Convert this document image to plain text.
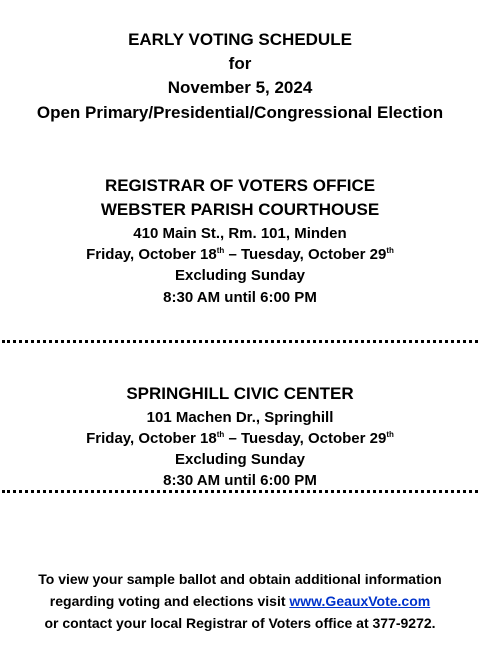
EARLY VOTING SCHEDULE
for
November 5, 2024
Open Primary/Presidential/Congressional Election
REGISTRAR OF VOTERS OFFICE
WEBSTER PARISH COURTHOUSE
410 Main St., Rm. 101, Minden
Friday, October 18th – Tuesday, October 29th
Excluding Sunday
8:30 AM until 6:00 PM
SPRINGHILL CIVIC CENTER
101 Machen Dr., Springhill
Friday, October 18th – Tuesday, October 29th
Excluding Sunday
8:30 AM until 6:00 PM
To view your sample ballot and obtain additional information
regarding voting and elections visit www.GeauxVote.com
or contact your local Registrar of Voters office at 377-9272.
